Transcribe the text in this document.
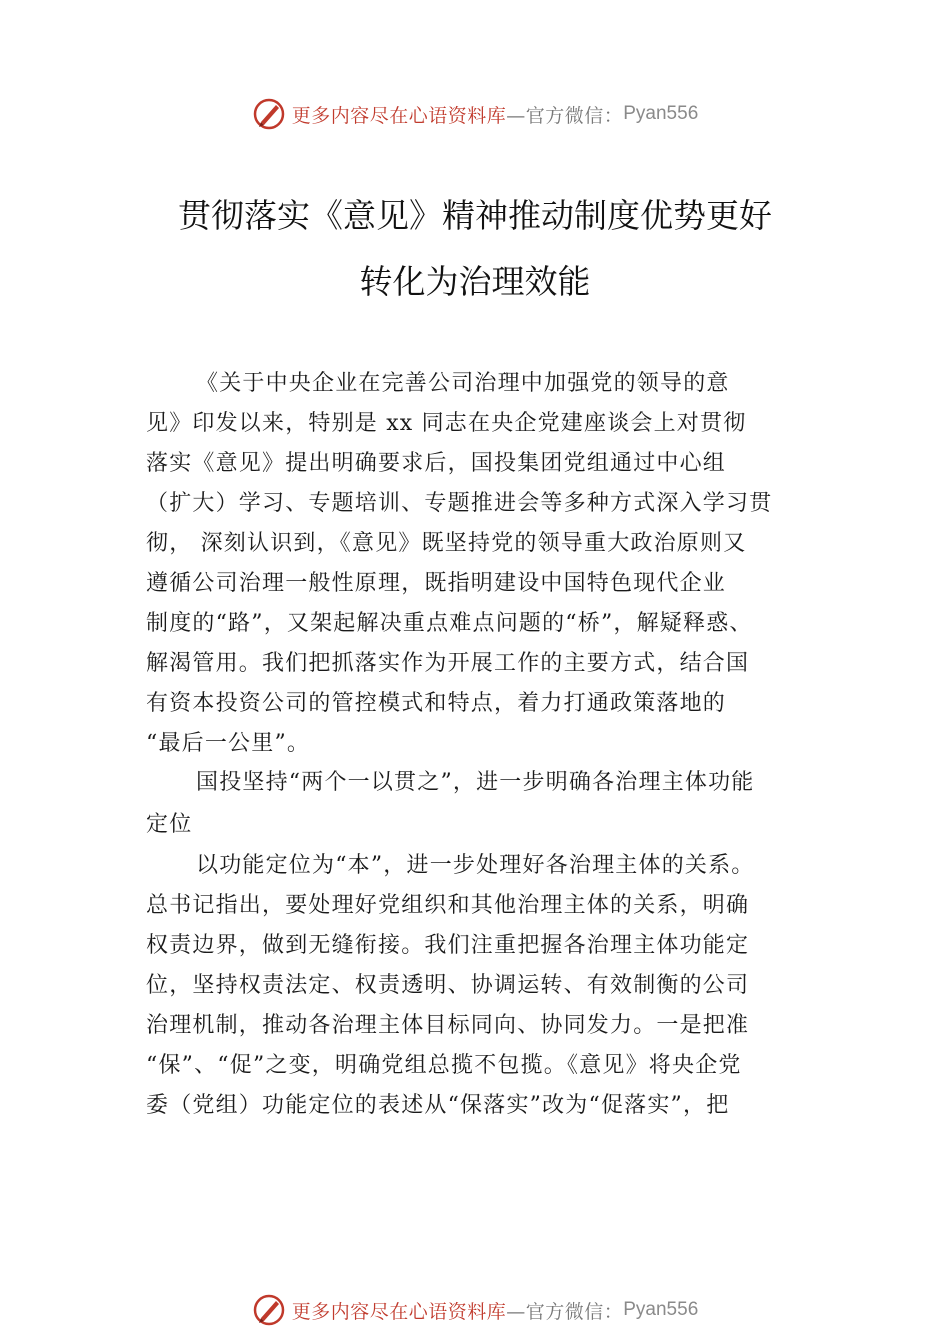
更多内容尽在心语资料库 —官方微信： Pyan556
贯彻落实《意见》精神推动制度优势更好
转化为治理效能
《关于中央企业在完善公司治理中加强党的领导的意
见》印发以来，特别是 xx 同志在央企党建座谈会上对贯彻
落实《意见》提出明确要求后，国投集团党组通过中心组
（扩大）学习、专题培训、专题推进会等多种方式深入学习贯
彻， 深刻认识到，《意见》既坚持党的领导重大政治原则又
遵循公司治理一般性原理，既指明建设中国特色现代企业
制度的“路”，又架起解决重点难点问题的“桥”，解疑释惑、
解渴管用。我们把抓落实作为开展工作的主要方式，结合国
有资本投资公司的管控模式和特点，着力打通政策落地的
“最后一公里”。
国投坚持“两个一以贯之”，进一步明确各治理主体功能
定位
以功能定位为“本”，进一步处理好各治理主体的关系。
总书记指出，要处理好党组织和其他治理主体的关系，明确
权责边界，做到无缝衔接。我们注重把握各治理主体功能定
位，坚持权责法定、权责透明、协调运转、有效制衡的公司
治理机制，推动各治理主体目标同向、协同发力。一是把准
“保”、“促”之变，明确党组总揽不包揽。《意见》将央企党
委（党组）功能定位的表述从“保落实”改为“促落实”，把
更多内容尽在心语资料库 —官方微信： Pyan556
